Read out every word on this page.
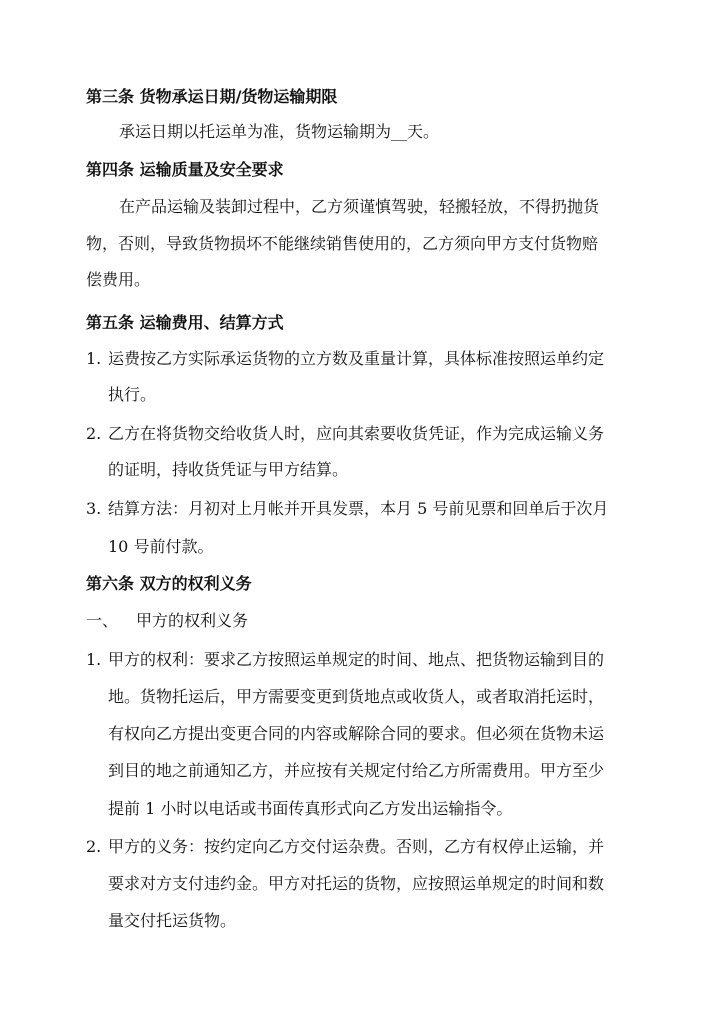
第三条 货物承运日期/货物运输期限
承运日期以托运单为准，货物运输期为__天。
第四条 运输质量及安全要求
在产品运输及装卸过程中，乙方须谨慎驾驶，轻搬轻放，不得扔抛货
物，否则，导致货物损坏不能继续销售使用的，乙方须向甲方支付货物赔
偿费用。
第五条 运输费用、结算方式
1. 运费按乙方实际承运货物的立方数及重量计算，具体标准按照运单约定
执行。
2. 乙方在将货物交给收货人时，应向其索要收货凭证，作为完成运输义务
的证明，持收货凭证与甲方结算。
3. 结算方法：月初对上月帐并开具发票，本月 5 号前见票和回单后于次月
10 号前付款。
第六条 双方的权利义务
一、	甲方的权利义务
1. 甲方的权利：要求乙方按照运单规定的时间、地点、把货物运输到目的
地。货物托运后，甲方需要变更到货地点或收货人，或者取消托运时，
有权向乙方提出变更合同的内容或解除合同的要求。但必须在货物未运
到目的地之前通知乙方，并应按有关规定付给乙方所需费用。甲方至少
提前 1 小时以电话或书面传真形式向乙方发出运输指令。
2. 甲方的义务：按约定向乙方交付运杂费。否则，乙方有权停止运输，并
要求对方支付违约金。甲方对托运的货物，应按照运单规定的时间和数
量交付托运货物。
